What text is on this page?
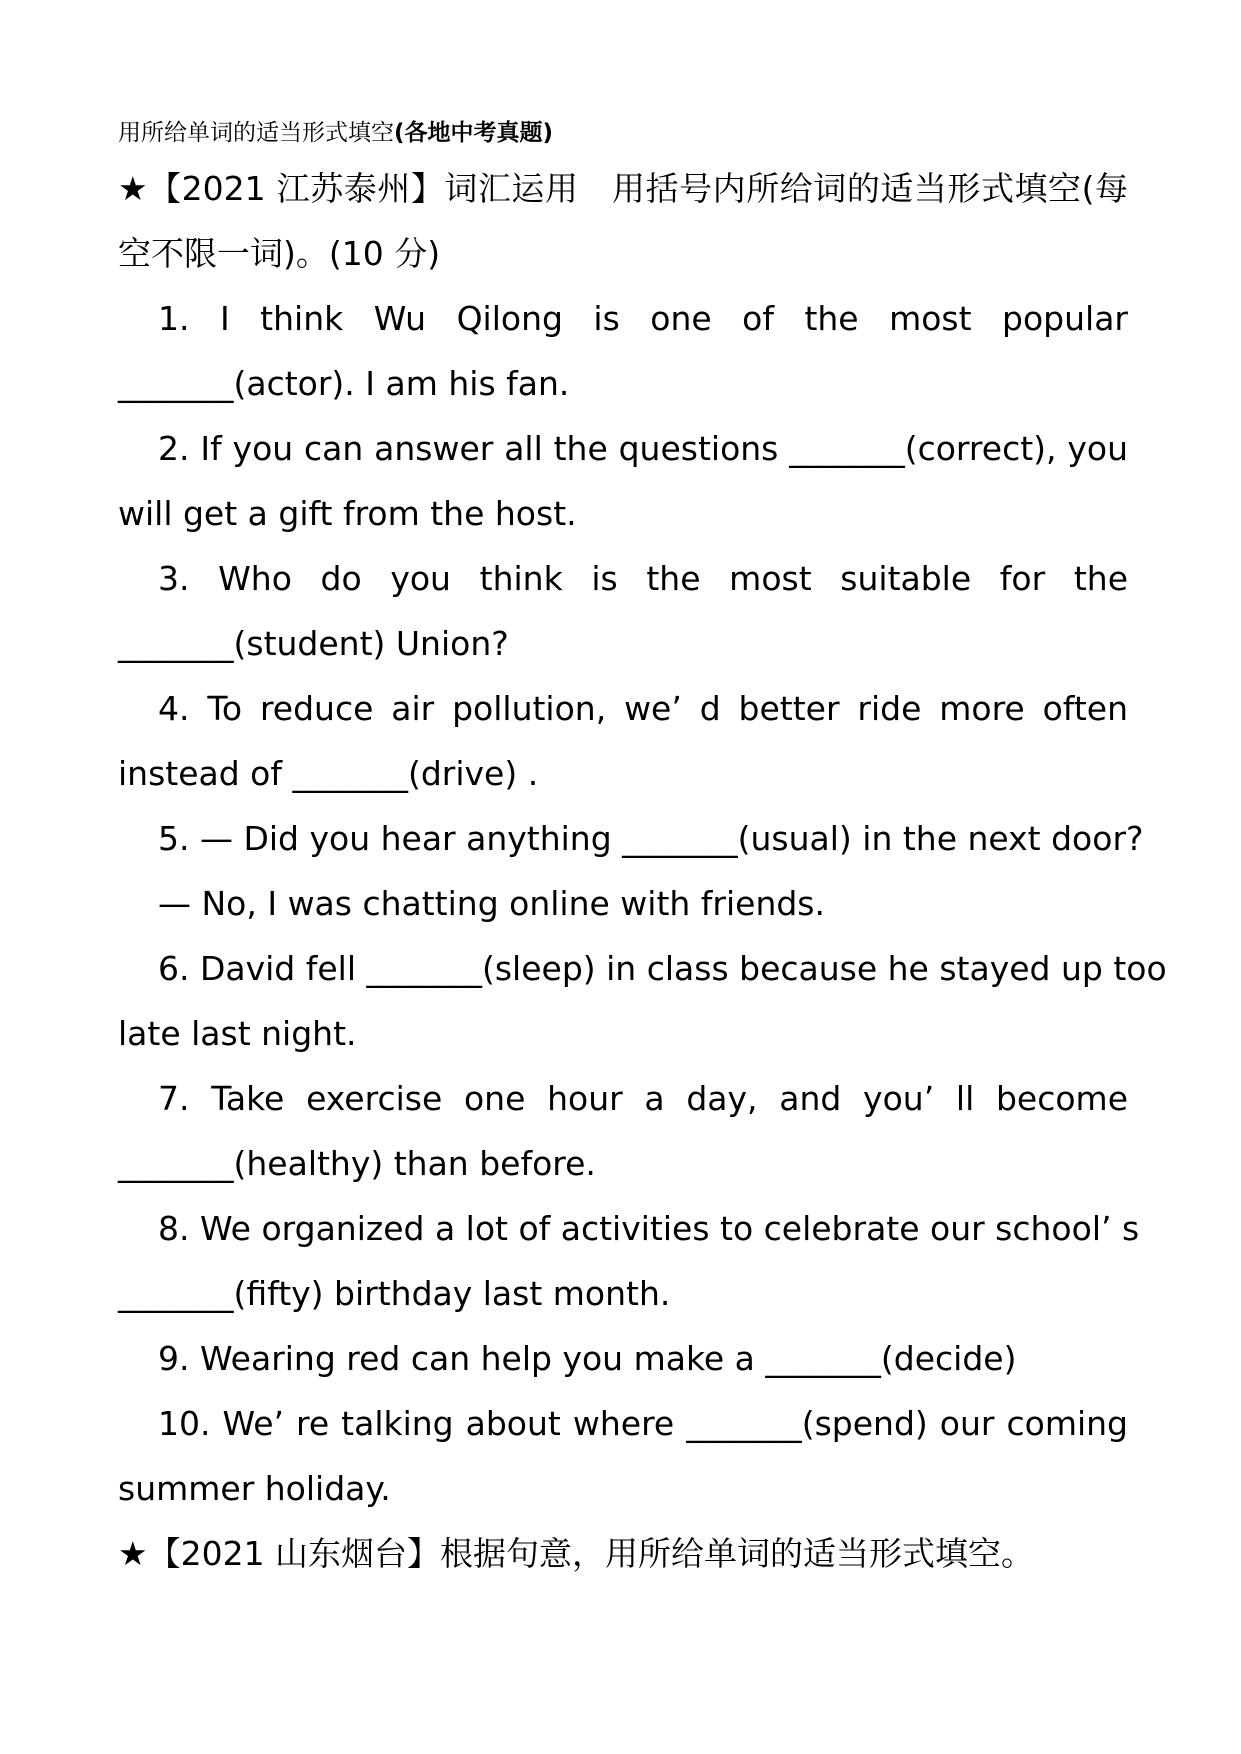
用所给单词的适当形式填空(各地中考真题)
★【2021 江苏泰州】词汇运用　用括号内所给词的适当形式填空(每
空不限一词)。(10 分)
1. I think Wu Qilong is one of the most popular
_______(actor). I am his fan.
2. If you can answer all the questions _______(correct), you
will get a gift from the host.
3. Who do you think is the most suitable for the
_______(student) Union?
4. To reduce air pollution, we’ d better ride more often
instead of _______(drive) .
5. — Did you hear anything _______(usual) in the next door?
— No, I was chatting online with friends.
6. David fell _______(sleep) in class because he stayed up too
late last night.
7. Take exercise one hour a day, and you’ ll become
_______(healthy) than before.
8. We organized a lot of activities to celebrate our school’ s
_______(fifty) birthday last month.
9. Wearing red can help you make a _______(decide)
10. We’ re talking about where _______(spend) our coming
summer holiday.
★【2021 山东烟台】根据句意，用所给单词的适当形式填空。
